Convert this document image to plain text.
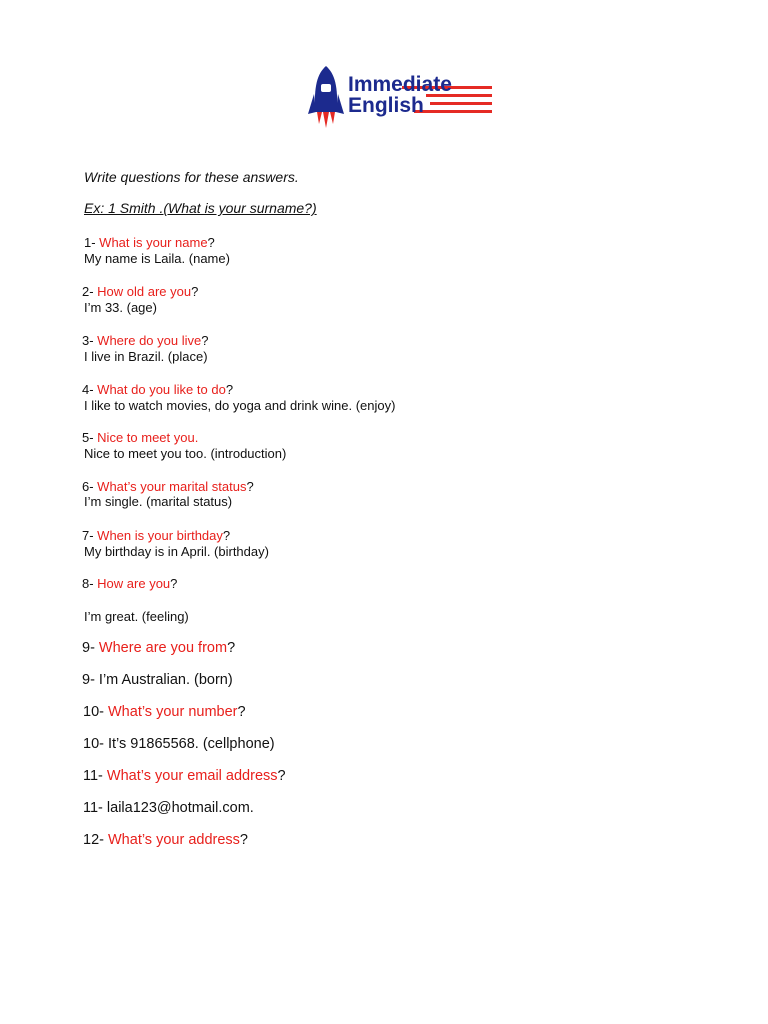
Immediate
English

Write questions for these answers.

Ex: 1 Smith .(What is your surname?)

1- What is your name?

My name is Laila. (name)

2- How old are you?

I’m 33. (age)

3- Where do you live?

I live in Brazil. (place)

4- What do you like to do?

I like to watch movies, do yoga and drink wine. (enjoy)

5- Nice to meet you.

Nice to meet you too. (introduction)

6- What’s your marital status?

I’m single. (marital status)

7- When is your birthday?

My birthday is in April. (birthday)

8- How are you?

I’m great. (feeling)

9- Where are you from?

9- I’m Australian. (born)

10- What’s your number?

10- It’s 91865568. (cellphone)

11- What’s your email address?

11- laila123@hotmail.com.

12- What’s your address?
